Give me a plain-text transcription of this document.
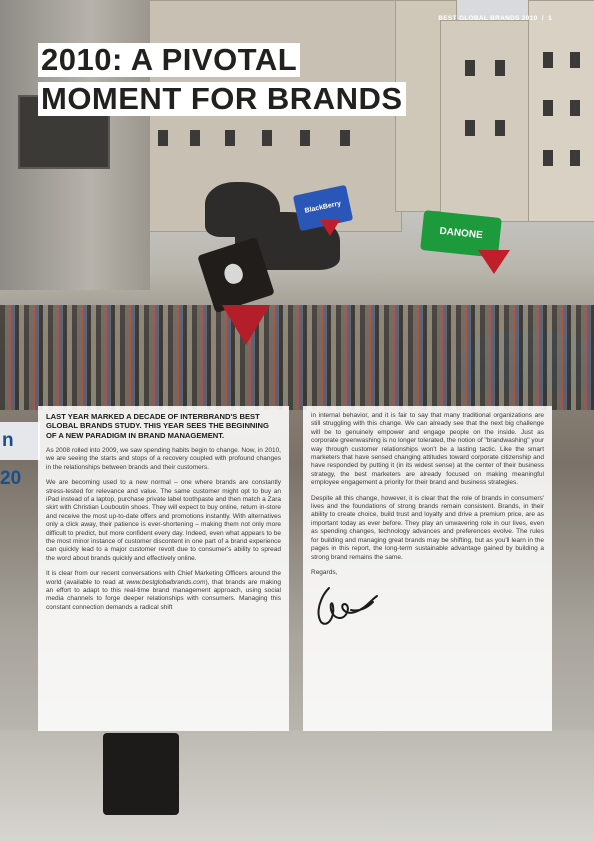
BlackBerry
DANONE
n 20
BEST GLOBAL BRANDS 2010  /  1
2010: A PIVOTAL
MOMENT FOR BRANDS

LAST YEAR MARKED A DECADE OF INTERBRAND'S BEST GLOBAL BRANDS STUDY. THIS YEAR SEES THE BEGINNING OF A NEW PARADIGM IN BRAND MANAGEMENT.

As 2008 rolled into 2009, we saw spending habits begin to change. Now, in 2010, we are seeing the starts and stops of a recovery coupled with profound changes in the relationships between brands and their customers.

We are becoming used to a new normal – one where brands are constantly stress-tested for relevance and value. The same customer might opt to buy an iPad instead of a laptop, purchase private label toothpaste and then match a Zara skirt with Christian Louboutin shoes. They will expect to buy online, return in-store and receive the most up-to-date offers and promotions instantly. With alternatives only a click away, their patience is ever-shortening – making them not only more difficult to predict, but more confident every day. Indeed, even what appears to be the most minor instance of customer discontent in one part of a brand experience can quickly lead to a major customer revolt due to consumer's ability to spread the word about brands quickly and effectively online.

It is clear from our recent conversations with Chief Marketing Officers around the world (available to read at www.bestglobalbrands.com), that brands are making an effort to adapt to this real-time brand management approach, using social media channels to forge deeper relationships with consumers. Managing this constant connection demands a radical shift

in internal behavior, and it is fair to say that many traditional organizations are still struggling with this change. We can already see that the next big challenge will be to genuinely empower and engage people on the inside. Just as corporate greenwashing is no longer tolerated, the notion of "brandwashing" your way through customer relationships won't be a lasting tactic. Like the smart marketers that have sensed changing attitudes toward corporate citizenship and have responded by putting it (in its widest sense) at the center of their business strategy, the best marketers are already focused on making meaningful employee engagement a priority for their brand and business strategies.

Despite all this change, however, it is clear that the role of brands in consumers' lives and the foundations of strong brands remain consistent. Brands, in their ability to create choice, build trust and loyalty and drive a premium price, are as important today as ever before. They play an unwavering role in our lives, even as spending changes, technology advances and preferences evolve. The rules for building and managing great brands may be shifting, but as you'll learn in the pages in this report, the long-term sustainable advantage gained by building a strong brand remains the same.

Regards,
